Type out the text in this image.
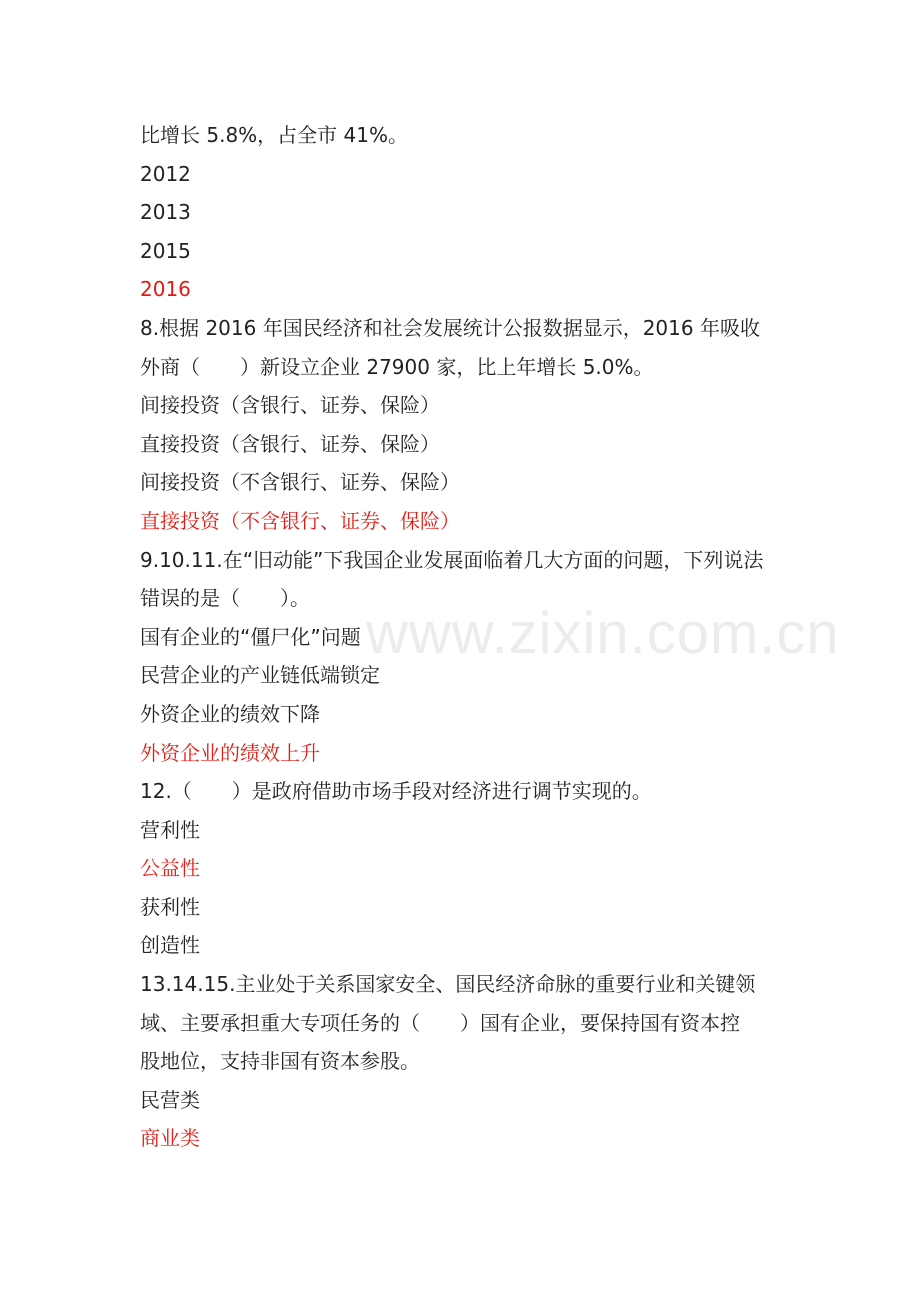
比增长 5.8%，占全市 41%。
2012
2013
2015
2016
8.根据 2016 年国民经济和社会发展统计公报数据显示，2016 年吸收
外商（　　）新设立企业 27900 家，比上年增长 5.0%。
间接投资（含银行、证券、保险）
直接投资（含银行、证券、保险）
间接投资（不含银行、证券、保险）
直接投资（不含银行、证券、保险）
9.10.11.在“旧动能”下我国企业发展面临着几大方面的问题，下列说法
错误的是（　　）。
国有企业的“僵尸化”问题
民营企业的产业链低端锁定
外资企业的绩效下降
外资企业的绩效上升
12.（　　）是政府借助市场手段对经济进行调节实现的。
营利性
公益性
获利性
创造性
13.14.15.主业处于关系国家安全、国民经济命脉的重要行业和关键领
域、主要承担重大专项任务的（　　）国有企业，要保持国有资本控
股地位，支持非国有资本参股。
民营类
商业类
www.zixin.com.cn
